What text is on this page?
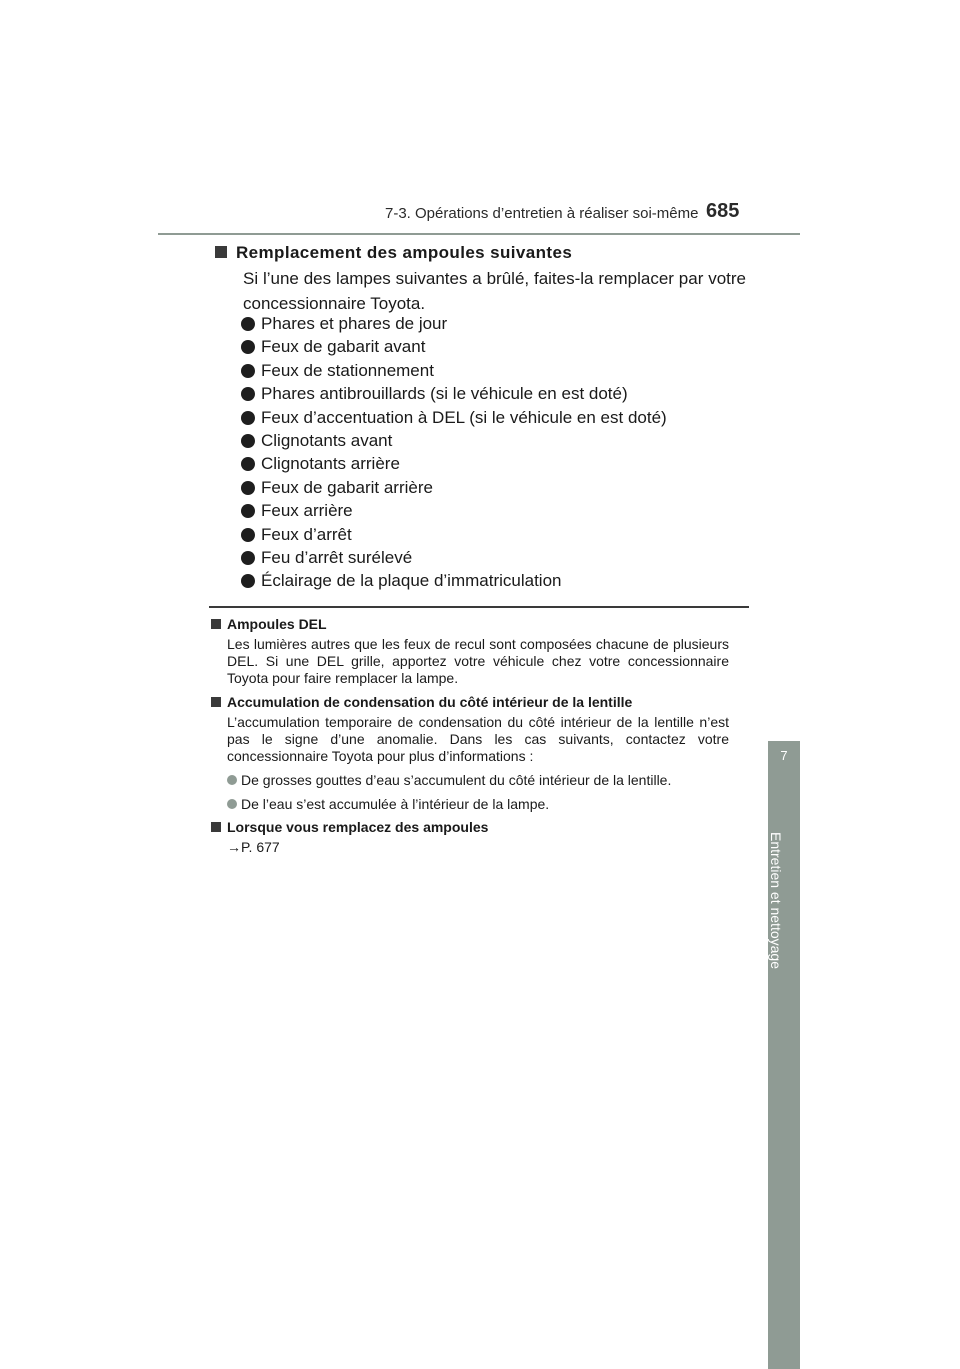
7-3. Opérations d’entretien à réaliser soi-même 685
7
Entretien et nettoyage
Remplacement des ampoules suivantes
Si l’une des lampes suivantes a brûlé, faites-la remplacer par votre concessionnaire Toyota.
Phares et phares de jour
Feux de gabarit avant
Feux de stationnement
Phares antibrouillards (si le véhicule en est doté)
Feux d’accentuation à DEL (si le véhicule en est doté)
Clignotants avant
Clignotants arrière
Feux de gabarit arrière
Feux arrière
Feux d’arrêt
Feu d’arrêt surélevé
Éclairage de la plaque d’immatriculation
Ampoules DEL
Les lumières autres que les feux de recul sont composées chacune de plusieurs DEL. Si une DEL grille, apportez votre véhicule chez votre concessionnaire Toyota pour faire remplacer la lampe.
Accumulation de condensation du côté intérieur de la lentille
L’accumulation temporaire de condensation du côté intérieur de la lentille n’est pas le signe d’une anomalie. Dans les cas suivants, contactez votre concessionnaire Toyota pour plus d’informations :
De grosses gouttes d’eau s’accumulent du côté intérieur de la lentille.
De l’eau s’est accumulée à l’intérieur de la lampe.
Lorsque vous remplacez des ampoules
→P. 677
